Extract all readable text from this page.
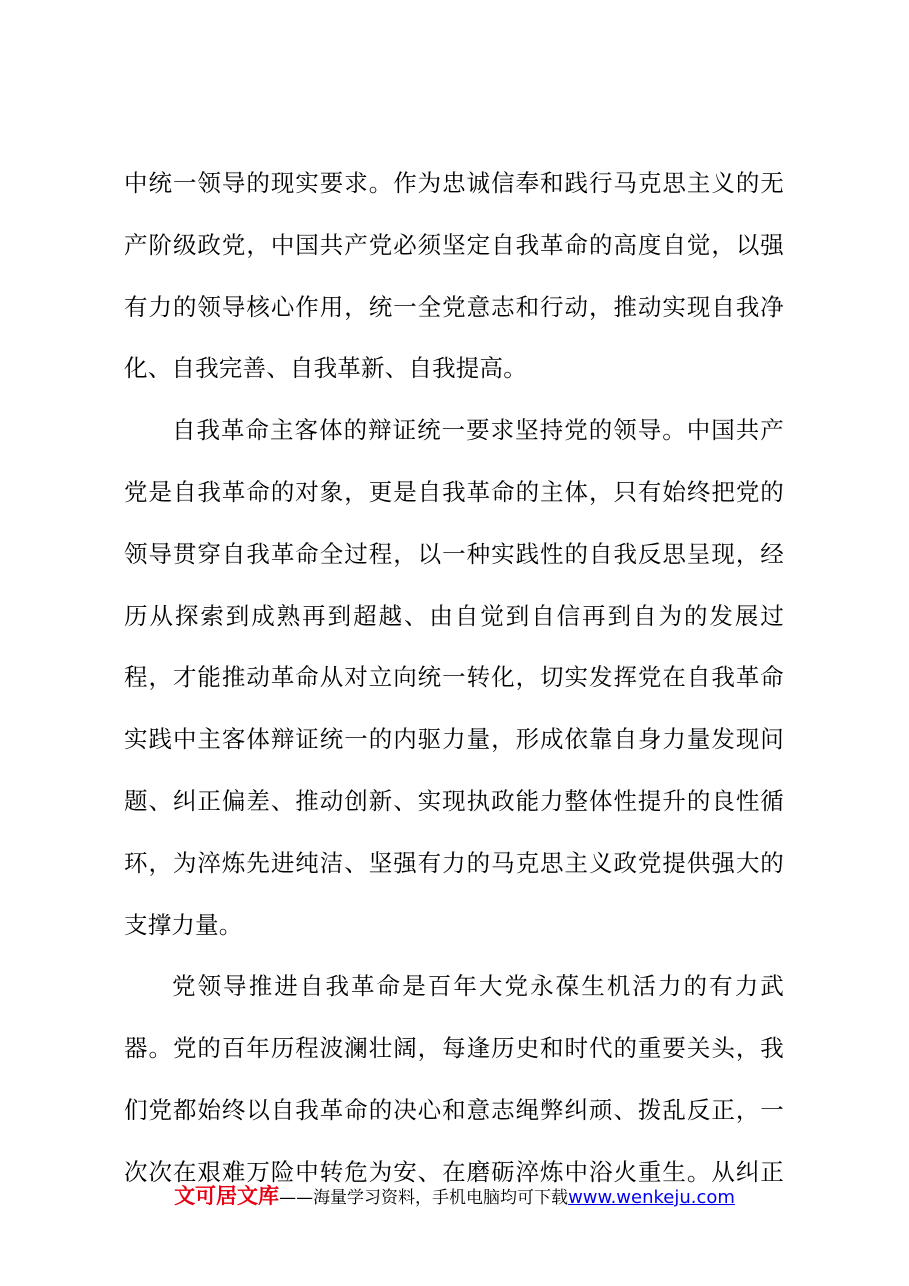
中统一领导的现实要求。作为忠诚信奉和践行马克思主义的无
产阶级政党，中国共产党必须坚定自我革命的高度自觉，以强
有力的领导核心作用，统一全党意志和行动，推动实现自我净
化、自我完善、自我革新、自我提高。
自我革命主客体的辩证统一要求坚持党的领导。中国共产
党是自我革命的对象，更是自我革命的主体，只有始终把党的
领导贯穿自我革命全过程，以一种实践性的自我反思呈现，经
历从探索到成熟再到超越、由自觉到自信再到自为的发展过
程，才能推动革命从对立向统一转化，切实发挥党在自我革命
实践中主客体辩证统一的内驱力量，形成依靠自身力量发现问
题、纠正偏差、推动创新、实现执政能力整体性提升的良性循
环，为淬炼先进纯洁、坚强有力的马克思主义政党提供强大的
支撑力量。
党领导推进自我革命是百年大党永葆生机活力的有力武
器。党的百年历程波澜壮阔，每逢历史和时代的重要关头，我
们党都始终以自我革命的决心和意志绳弊纠顽、拨乱反正，一
次次在艰难万险中转危为安、在磨砺淬炼中浴火重生。从纠正
文可居文库——海量学习资料，手机电脑均可下载www.wenkeju.com
